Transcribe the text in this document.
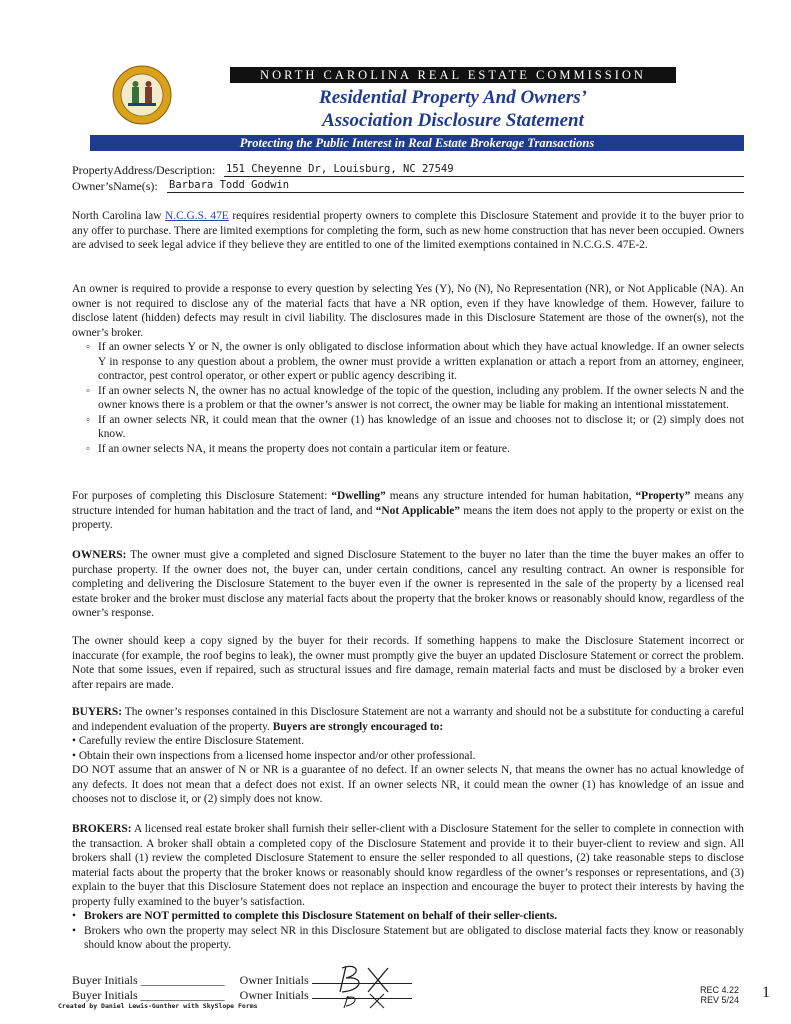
NORTH CAROLINA REAL ESTATE COMMISSION
Residential Property And Owners’
Association Disclosure Statement
Protecting the Public Interest in Real Estate Brokerage Transactions
PropertyAddress/Description: 151 Cheyenne Dr, Louisburg, NC 27549
Owner’sName(s): Barbara Todd Godwin

North Carolina law N.C.G.S. 47E requires residential property owners to complete this Disclosure Statement and provide it to the buyer prior to any offer to purchase. There are limited exemptions for completing the form, such as new home construction that has never been occupied. Owners are advised to seek legal advice if they believe they are entitled to one of the limited exemptions contained in N.C.G.S. 47E-2.

An owner is required to provide a response to every question by selecting Yes (Y), No (N), No Representation (NR), or Not Applicable (NA). An owner is not required to disclose any of the material facts that have a NR option, even if they have knowledge of them. However, failure to disclose latent (hidden) defects may result in civil liability. The disclosures made in this Disclosure Statement are those of the owner(s), not the owner’s broker.

◦ If an owner selects Y or N, the owner is only obligated to disclose information about which they have actual knowledge. If an owner selects Y in response to any question about a problem, the owner must provide a written explanation or attach a report from an attorney, engineer, contractor, pest control operator, or other expert or public agency describing it.
◦ If an owner selects N, the owner has no actual knowledge of the topic of the question, including any problem. If the owner selects N and the owner knows there is a problem or that the owner’s answer is not correct, the owner may be liable for making an intentional misstatement.
◦ If an owner selects NR, it could mean that the owner (1) has knowledge of an issue and chooses not to disclose it; or (2) simply does not know.
◦ If an owner selects NA, it means the property does not contain a particular item or feature.

For purposes of completing this Disclosure Statement: “Dwelling” means any structure intended for human habitation, “Property” means any structure intended for human habitation and the tract of land, and “Not Applicable” means the item does not apply to the property or exist on the property.

OWNERS: The owner must give a completed and signed Disclosure Statement to the buyer no later than the time the buyer makes an offer to purchase property. If the owner does not, the buyer can, under certain conditions, cancel any resulting contract. An owner is responsible for completing and delivering the Disclosure Statement to the buyer even if the owner is represented in the sale of the property by a licensed real estate broker and the broker must disclose any material facts about the property that the broker knows or reasonably should know, regardless of the owner’s response.

The owner should keep a copy signed by the buyer for their records. If something happens to make the Disclosure Statement incorrect or inaccurate (for example, the roof begins to leak), the owner must promptly give the buyer an updated Disclosure Statement or correct the problem. Note that some issues, even if repaired, such as structural issues and fire damage, remain material facts and must be disclosed by a broker even after repairs are made.

BUYERS: The owner’s responses contained in this Disclosure Statement are not a warranty and should not be a substitute for conducting a careful and independent evaluation of the property. Buyers are strongly encouraged to:

• Carefully review the entire Disclosure Statement.

• Obtain their own inspections from a licensed home inspector and/or other professional.

DO NOT assume that an answer of N or NR is a guarantee of no defect. If an owner selects N, that means the owner has no actual knowledge of any defects. It does not mean that a defect does not exist. If an owner selects NR, it could mean the owner (1) has knowledge of an issue and chooses not to disclose it, or (2) simply does not know.

BROKERS: A licensed real estate broker shall furnish their seller-client with a Disclosure Statement for the seller to complete in connection with the transaction. A broker shall obtain a completed copy of the Disclosure Statement and provide it to their buyer-client to review and sign. All brokers shall (1) review the completed Disclosure Statement to ensure the seller responded to all questions, (2) take reasonable steps to disclose material facts about the property that the broker knows or reasonably should know regardless of the owner’s responses or representations, and (3) explain to the buyer that this Disclosure Statement does not replace an inspection and encourage the buyer to protect their interests by having the property fully examined to the buyer’s satisfaction.

• Brokers are NOT permitted to complete this Disclosure Statement on behalf of their seller-clients.
• Brokers who own the property may select NR in this Disclosure Statement but are obligated to disclose material facts they know or reasonably should know about the property.
Buyer Initials ______________ Owner Initials
Buyer Initials ______________ Owner Initials	REC 4.22
REV 5/24 1
Created by Daniel Lewis-Gunther with SkySlope Forms
